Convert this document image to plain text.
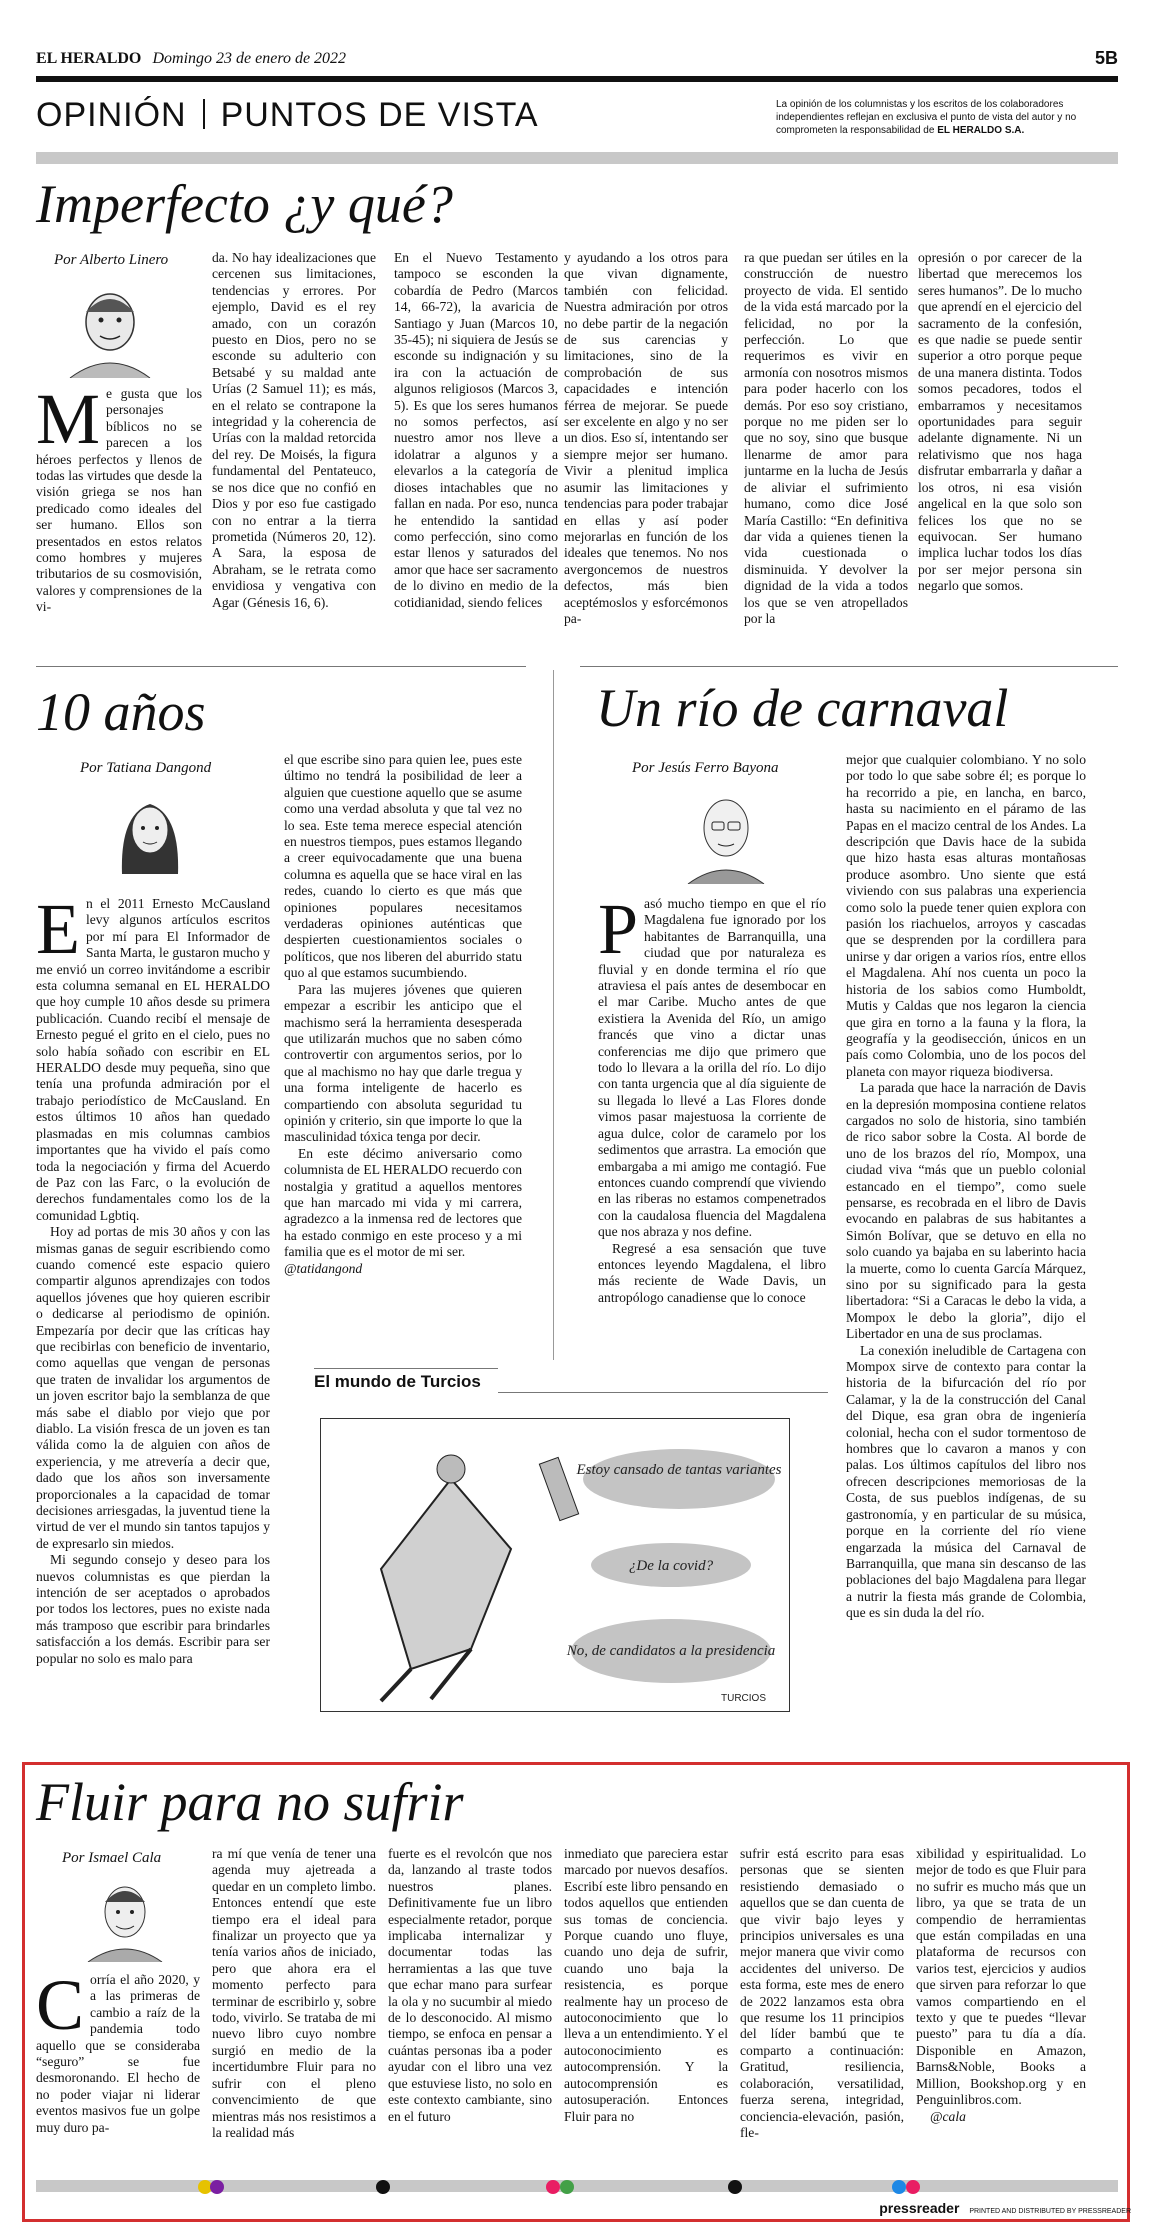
EL HERALDO Domingo 23 de enero de 2022	5B
OPINIÓN PUNTOS DE VISTA	La opinión de los columnistas y los escritos de los colaboradores independientes reflejan en exclusiva el punto de vista del autor y no comprometen la responsabilidad de EL HERALDO S.A.
Imperfecto ¿y qué?
Por Alberto Linero
Me gusta que los personajes bíblicos no se parecen a los héroes perfectos y llenos de todas las virtudes que desde la visión griega se nos han predicado como ideales del ser humano. Ellos son presentados en estos relatos como hombres y mujeres tributarios de su cosmovisión, valores y comprensiones de la vi-
da. No hay idealizaciones que cercenen sus limitaciones, tendencias y errores. Por ejemplo, David es el rey amado, con un corazón puesto en Dios, pero no se esconde su adulterio con Betsabé y su maldad ante Urías (2 Samuel 11); es más, en el relato se contrapone la integridad y la coherencia de Urías con la maldad retorcida del rey. De Moisés, la figura fundamental del Pentateuco, se nos dice que no confió en Dios y por eso fue castigado con no entrar a la tierra prometida (Números 20, 12). A Sara, la esposa de Abraham, se le retrata como envidiosa y vengativa con Agar (Génesis 16, 6).
En el Nuevo Testamento tampoco se esconden la cobardía de Pedro (Marcos 14, 66-72), la avaricia de Santiago y Juan (Marcos 10, 35-45); ni siquiera de Jesús se esconde su indignación y su ira con la actuación de algunos religiosos (Marcos 3, 5). Es que los seres humanos no somos perfectos, así nuestro amor nos lleve a idolatrar a algunos y a elevarlos a la categoría de dioses intachables que no fallan en nada. Por eso, nunca he entendido la santidad como perfección, sino como estar llenos y saturados del amor que hace ser sacramento de lo divino en medio de la cotidianidad, siendo felices
y ayudando a los otros para que vivan dignamente, también con felicidad. Nuestra admiración por otros no debe partir de la negación de sus carencias y limitaciones, sino de la comprobación de sus capacidades e intención férrea de mejorar. Se puede ser excelente en algo y no ser un dios. Eso sí, intentando ser siempre mejor ser humano. Vivir a plenitud implica asumir las limitaciones y tendencias para poder trabajar en ellas y así poder mejorarlas en función de los ideales que tenemos. No nos avergoncemos de nuestros defectos, más bien aceptémoslos y esforcémonos pa-
ra que puedan ser útiles en la construcción de nuestro proyecto de vida. El sentido de la vida está marcado por la felicidad, no por la perfección. Lo que requerimos es vivir en armonía con nosotros mismos para poder hacerlo con los demás. Por eso soy cristiano, porque no me piden ser lo que no soy, sino que busque llenarme de amor para juntarme en la lucha de Jesús de aliviar el sufrimiento humano, como dice José María Castillo: “En definitiva dar vida a quienes tienen la vida cuestionada o disminuida. Y devolver la dignidad de la vida a todos los que se ven atropellados por la
opresión o por carecer de la libertad que merecemos los seres humanos”. De lo mucho que aprendí en el ejercicio del sacramento de la confesión, es que nadie se puede sentir superior a otro porque peque de una manera distinta. Todos somos pecadores, todos el embarramos y necesitamos oportunidades para seguir adelante dignamente. Ni un relativismo que nos haga disfrutar embarrarla y dañar a los otros, ni esa visión angelical en la que solo son felices los que no se equivocan. Ser humano implica luchar todos los días por ser mejor persona sin negarlo que somos.
10 años
Por Tatiana Dangond

En el 2011 Ernesto McCausland levy algunos artículos escritos por mí para El Informador de Santa Marta, le gustaron mucho y me envió un correo invitándome a escribir esta columna semanal en EL HERALDO que hoy cumple 10 años desde su primera publicación. Cuando recibí el mensaje de Ernesto pegué el grito en el cielo, pues no solo había soñado con escribir en EL HERALDO desde muy pequeña, sino que tenía una profunda admiración por el trabajo periodístico de McCausland. En estos últimos 10 años han quedado plasmadas en mis columnas cambios importantes que ha vivido el país como toda la negociación y firma del Acuerdo de Paz con las Farc, o la evolución de derechos fundamentales como los de la comunidad Lgbtiq.

Hoy ad portas de mis 30 años y con las mismas ganas de seguir escribiendo como cuando comencé este espacio quiero compartir algunos aprendizajes con todos aquellos jóvenes que hoy quieren escribir o dedicarse al periodismo de opinión. Empezaría por decir que las críticas hay que recibirlas con beneficio de inventario, como aquellas que vengan de personas que traten de invalidar los argumentos de un joven escritor bajo la semblanza de que más sabe el diablo por viejo que por diablo. La visión fresca de un joven es tan válida como la de alguien con años de experiencia, y me atrevería a decir que, dado que los años son inversamente proporcionales a la capacidad de tomar decisiones arriesgadas, la juventud tiene la virtud de ver el mundo sin tantos tapujos y de expresarlo sin miedos.

Mi segundo consejo y deseo para los nuevos columnistas es que pierdan la intención de ser aceptados o aprobados por todos los lectores, pues no existe nada más tramposo que escribir para brindarles satisfacción a los demás. Escribir para ser popular no solo es malo para

el que escribe sino para quien lee, pues este último no tendrá la posibilidad de leer a alguien que cuestione aquello que se asume como una verdad absoluta y que tal vez no lo sea. Este tema merece especial atención en nuestros tiempos, pues estamos llegando a creer equivocadamente que una buena columna es aquella que se hace viral en las redes, cuando lo cierto es que más que opiniones populares necesitamos verdaderas opiniones auténticas que despierten cuestionamientos sociales o políticos, que nos liberen del aburrido statu quo al que estamos sucumbiendo.

Para las mujeres jóvenes que quieren empezar a escribir les anticipo que el machismo será la herramienta desesperada que utilizarán muchos que no saben cómo controvertir con argumentos serios, por lo que al machismo no hay que darle tregua y una forma inteligente de hacerlo es compartiendo con absoluta seguridad tu opinión y criterio, sin que importe lo que la masculinidad tóxica tenga por decir.

En este décimo aniversario como columnista de EL HERALDO recuerdo con nostalgia y gratitud a aquellos mentores que han marcado mi vida y mi carrera, agradezco a la inmensa red de lectores que ha estado conmigo en este proceso y a mi familia que es el motor de mi ser.

@tatidangond

Un río de carnaval
Por Jesús Ferro Bayona

Pasó mucho tiempo en que el río Magdalena fue ignorado por los habitantes de Barranquilla, una ciudad que por naturaleza es fluvial y en donde termina el río que atraviesa el país antes de desembocar en el mar Caribe. Mucho antes de que existiera la Avenida del Río, un amigo francés que vino a dictar unas conferencias me dijo que primero que todo lo llevara a la orilla del río. Lo dijo con tanta urgencia que al día siguiente de su llegada lo llevé a Las Flores donde vimos pasar majestuosa la corriente de agua dulce, color de caramelo por los sedimentos que arrastra. La emoción que embargaba a mi amigo me contagió. Fue entonces cuando comprendí que viviendo en las riberas no estamos compenetrados con la caudalosa fluencia del Magdalena que nos abraza y nos define.

Regresé a esa sensación que tuve entonces leyendo Magdalena, el libro más reciente de Wade Davis, un antropólogo canadiense que lo conoce

mejor que cualquier colombiano. Y no solo por todo lo que sabe sobre él; es porque lo ha recorrido a pie, en lancha, en barco, hasta su nacimiento en el páramo de las Papas en el macizo central de los Andes. La descripción que Davis hace de la subida que hizo hasta esas alturas montañosas produce asombro. Uno siente que está viviendo con sus palabras una experiencia como solo la puede tener quien explora con pasión los riachuelos, arroyos y cascadas que se desprenden por la cordillera para unirse y dar origen a varios ríos, entre ellos el Magdalena. Ahí nos cuenta un poco la historia de los sabios como Humboldt, Mutis y Caldas que nos legaron la ciencia que gira en torno a la fauna y la flora, la geografía y la geodisección, únicos en un país como Colombia, uno de los pocos del planeta con mayor riqueza biodiversa.

La parada que hace la narración de Davis en la depresión momposina contiene relatos cargados no solo de historia, sino también de rico sabor sobre la Costa. Al borde de uno de los brazos del río, Mompox, una ciudad viva “más que un pueblo colonial estancado en el tiempo”, como suele pensarse, es recobrada en el libro de Davis evocando en palabras de sus habitantes a Simón Bolívar, que se detuvo en ella no solo cuando ya bajaba en su laberinto hacia la muerte, como lo cuenta García Márquez, sino por su significado para la gesta libertadora: “Si a Caracas le debo la vida, a Mompox le debo la gloria”, dijo el Libertador en una de sus proclamas.

La conexión ineludible de Cartagena con Mompox sirve de contexto para contar la historia de la bifurcación del río por Calamar, y la de la construcción del Canal del Dique, esa gran obra de ingeniería colonial, hecha con el sudor tormentoso de hombres que lo cavaron a manos y con palas. Los últimos capítulos del libro nos ofrecen descripciones memoriosas de la Costa, de sus pueblos indígenas, de su gastronomía, y en particular de su música, porque en la corriente del río viene engarzada la música del Carnaval de Barranquilla, que mana sin descanso de las poblaciones del bajo Magdalena para llegar a nutrir la fiesta más grande de Colombia, que es sin duda la del río.

El mundo de Turcios
Estoy cansado de tantas variantes
¿De la covid?
No, de candidatos a la presidencia
TURCIOS
Fluir para no sufrir
Por Ismael Cala
Corría el año 2020, y a las primeras de cambio a raíz de la pandemia todo aquello que se consideraba “seguro” se fue desmoronando. El hecho de no poder viajar ni liderar eventos masivos fue un golpe muy duro pa-
ra mí que venía de tener una agenda muy ajetreada a quedar en un completo limbo. Entonces entendí que este tiempo era el ideal para finalizar un proyecto que ya tenía varios años de iniciado, pero que ahora era el momento perfecto para terminar de escribirlo y, sobre todo, vivirlo. Se trataba de mi nuevo libro cuyo nombre surgió en medio de la incertidumbre Fluir para no sufrir con el pleno convencimiento de que mientras más nos resistimos a la realidad más
fuerte es el revolcón que nos da, lanzando al traste todos nuestros planes. Definitivamente fue un libro especialmente retador, porque implicaba internalizar y documentar todas las herramientas a las que tuve que echar mano para surfear la ola y no sucumbir al miedo de lo desconocido. Al mismo tiempo, se enfoca en pensar a cuántas personas iba a poder ayudar con el libro una vez que estuviese listo, no solo en este contexto cambiante, sino en el futuro
inmediato que pareciera estar marcado por nuevos desafíos. Escribí este libro pensando en todos aquellos que entienden sus tomas de conciencia. Porque cuando uno fluye, cuando uno deja de sufrir, cuando uno baja la resistencia, es porque realmente hay un proceso de autoconocimiento que lo lleva a un entendimiento. Y el autoconocimiento es autocomprensión. Y la autocomprensión es autosuperación. Entonces Fluir para no
sufrir está escrito para esas personas que se sienten resistiendo demasiado o aquellos que se dan cuenta de que vivir bajo leyes y principios universales es una mejor manera que vivir como accidentes del universo. De esta forma, este mes de enero de 2022 lanzamos esta obra que resume los 11 principios del líder bambú que te comparto a continuación: Gratitud, resiliencia, colaboración, versatilidad, fuerza serena, integridad, conciencia-elevación, pasión, fle-

xibilidad y espiritualidad. Lo mejor de todo es que Fluir para no sufrir es mucho más que un libro, ya que se trata de un compendio de herramientas que están compiladas en una plataforma de recursos con varios test, ejercicios y audios que sirven para reforzar lo que vamos compartiendo en el texto y que te puedes “llevar puesto” para tu día a día. Disponible en Amazon, Barns&Noble, Books a Million, Bookshop.org y en Penguinlibros.com.

@cala

pressreader PRINTED AND DISTRIBUTED BY PRESSREADER
